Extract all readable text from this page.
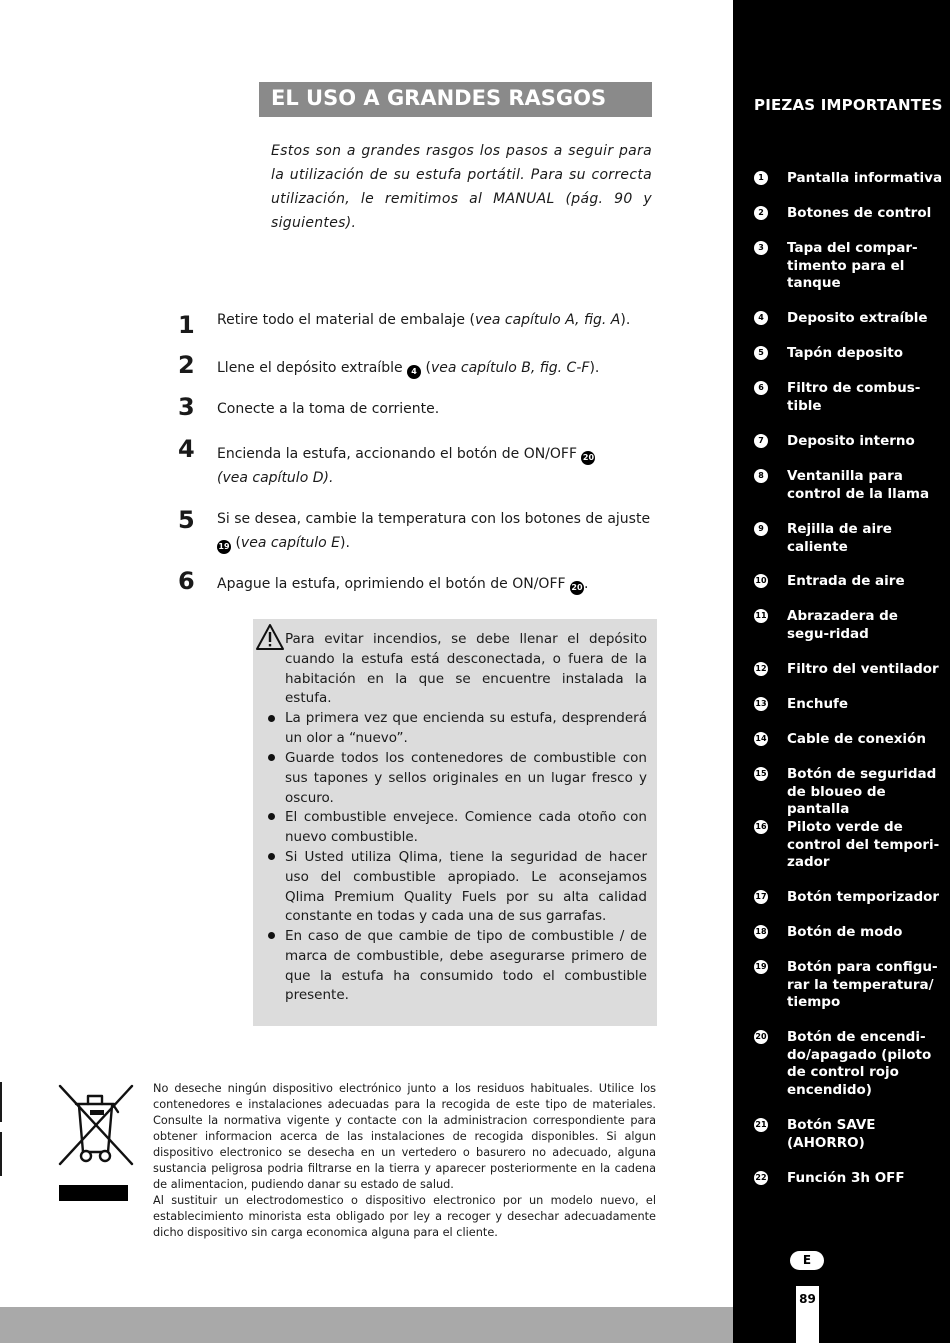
EL USO A GRANDES RASGOS
Estos son a grandes rasgos los pasos a seguir para la utilización de su estufa portátil. Para su correcta utilización, le remitimos al MANUAL (pág. 90 y siguientes).
1 Retire todo el material de embalaje (vea capítulo A, fig. A).
2 Llene el depósito extraíble 4 (vea capítulo B, fig. C-F).
3 Conecte a la toma de corriente.
4 Encienda la estufa, accionando el botón de ON/OFF 20
(vea capítulo D).
5 Si se desea, cambie la temperatura con los botones de ajuste
19 (vea capítulo E).
6 Apague la estufa, oprimiendo el botón de ON/OFF 20.
Para evitar incendios, se debe llenar el depósito cuando la estufa está desconectada, o fuera de la habitación en la que se encuentre instalada la estufa.
La primera vez que encienda su estufa, desprenderá un olor a “nuevo”.
Guarde todos los contenedores de combustible con sus tapones y sellos originales en un lugar fresco y oscuro.
El combustible envejece. Comience cada otoño con nuevo combustible.
Si Usted utiliza Qlima, tiene la seguridad de hacer uso del combustible apropiado. Le aconsejamos Qlima Premium Quality Fuels por su alta calidad constante en todas y cada una de sus garrafas.
En caso de que cambie de tipo de combustible / de marca de combustible, debe asegurarse primero de que la estufa ha consumido todo el combustible presente.

No deseche ningún dispositivo electrónico junto a los residuos habituales. Utilice los contenedores e instalaciones adecuadas para la recogida de este tipo de materiales. Consulte la normativa vigente y contacte con la administracion correspondiente para obtener informacion acerca de las instalaciones de recogida disponibles. Si algun dispositivo electronico se desecha en un vertedero o basurero no adecuado, alguna sustancia peligrosa podria filtrarse en la tierra y aparecer posteriormente en la cadena de alimentacion, pudiendo danar su estado de salud.

Al sustituir un electrodomestico o dispositivo electronico por un modelo nuevo, el establecimiento minorista esta obligado por ley a recoger y desechar adecuadamente dicho dispositivo sin carga economica alguna para el cliente.

PIEZAS IMPORTANTES
1	Pantalla informativa
2	Botones de control
3	Tapa del compar-timento para el tanque
4	Deposito extraíble
5	Tapón deposito
6	Filtro de combus-tible
7	Deposito interno
8	Ventanilla para control de la llama
9	Rejilla de aire caliente
10 Entrada de aire
11 Abrazadera de segu-ridad
12 Filtro del ventilador
13 Enchufe
14 Cable de conexión
15 Botón de seguridad de bloueo de pantalla
16 Piloto verde de control del tempori-zador
17 Botón temporizador
18 Botón de modo
19 Botón para configu-rar la temperatura/ tiempo
20 Botón de encendi-do/apagado (piloto de control rojo encendido)
21 Botón SAVE (AHORRO)
22 Función 3h OFF
E
89
